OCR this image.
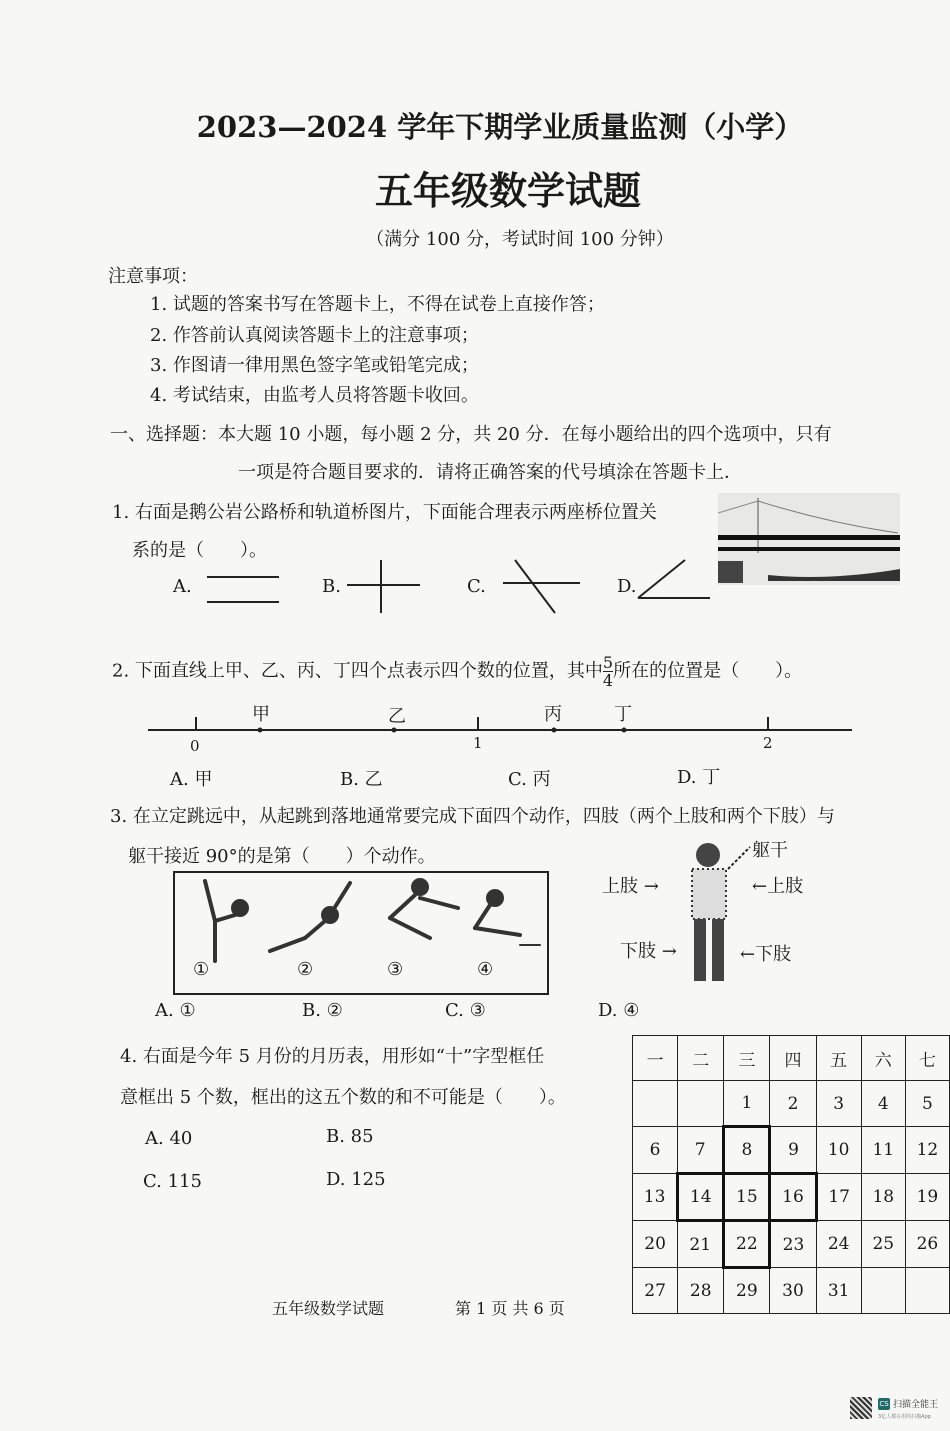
2023—2024 学年下期学业质量监测（小学）
五年级数学试题
（满分 100 分，考试时间 100 分钟）
注意事项：
1. 试题的答案书写在答题卡上，不得在试卷上直接作答；
2. 作答前认真阅读答题卡上的注意事项；
3. 作图请一律用黑色签字笔或铅笔完成；
4. 考试结束，由监考人员将答题卡收回。
一、选择题：本大题 10 小题，每小题 2 分，共 20 分．在每小题给出的四个选项中，只有
一项是符合题目要求的．请将正确答案的代号填涂在答题卡上．
1. 右面是鹅公岩公路桥和轨道桥图片，下面能合理表示两座桥位置关
系的是（　　）。
A.	B.	C.	D.
2. 下面直线上甲、乙、丙、丁四个点表示四个数的位置，其中 $\frac{5}{4}$ 所在的位置是（　　）。
甲	乙	丙	丁
0	1	2
A. 甲	B. 乙	C. 丙	D. 丁
3. 在立定跳远中，从起跳到落地通常要完成下面四个动作，四肢（两个上肢和两个下肢）与
躯干接近 90°的是第（　　）个动作。
①	②	③	④
躯干
上肢 →	←上肢
下肢 →	←下肢
A. ①	B. ②	C. ③	D. ④
4. 右面是今年 5 月份的月历表，用形如“十”字型框任
意框出 5 个数，框出的这五个数的和不可能是（　　）。
A. 40	B. 85
C. 115	D. 125
一	二	三	四	五	六	七
		1	2	3	4	5
6	7	8	9	10	11	12
13	14	15	16	17	18	19
20	21	22	23	24	25	26
27	28	29	30	31		
五年级数学试题	第 1 页 共 6 页
CS 扫描全能王
3亿人都在用的扫描App
